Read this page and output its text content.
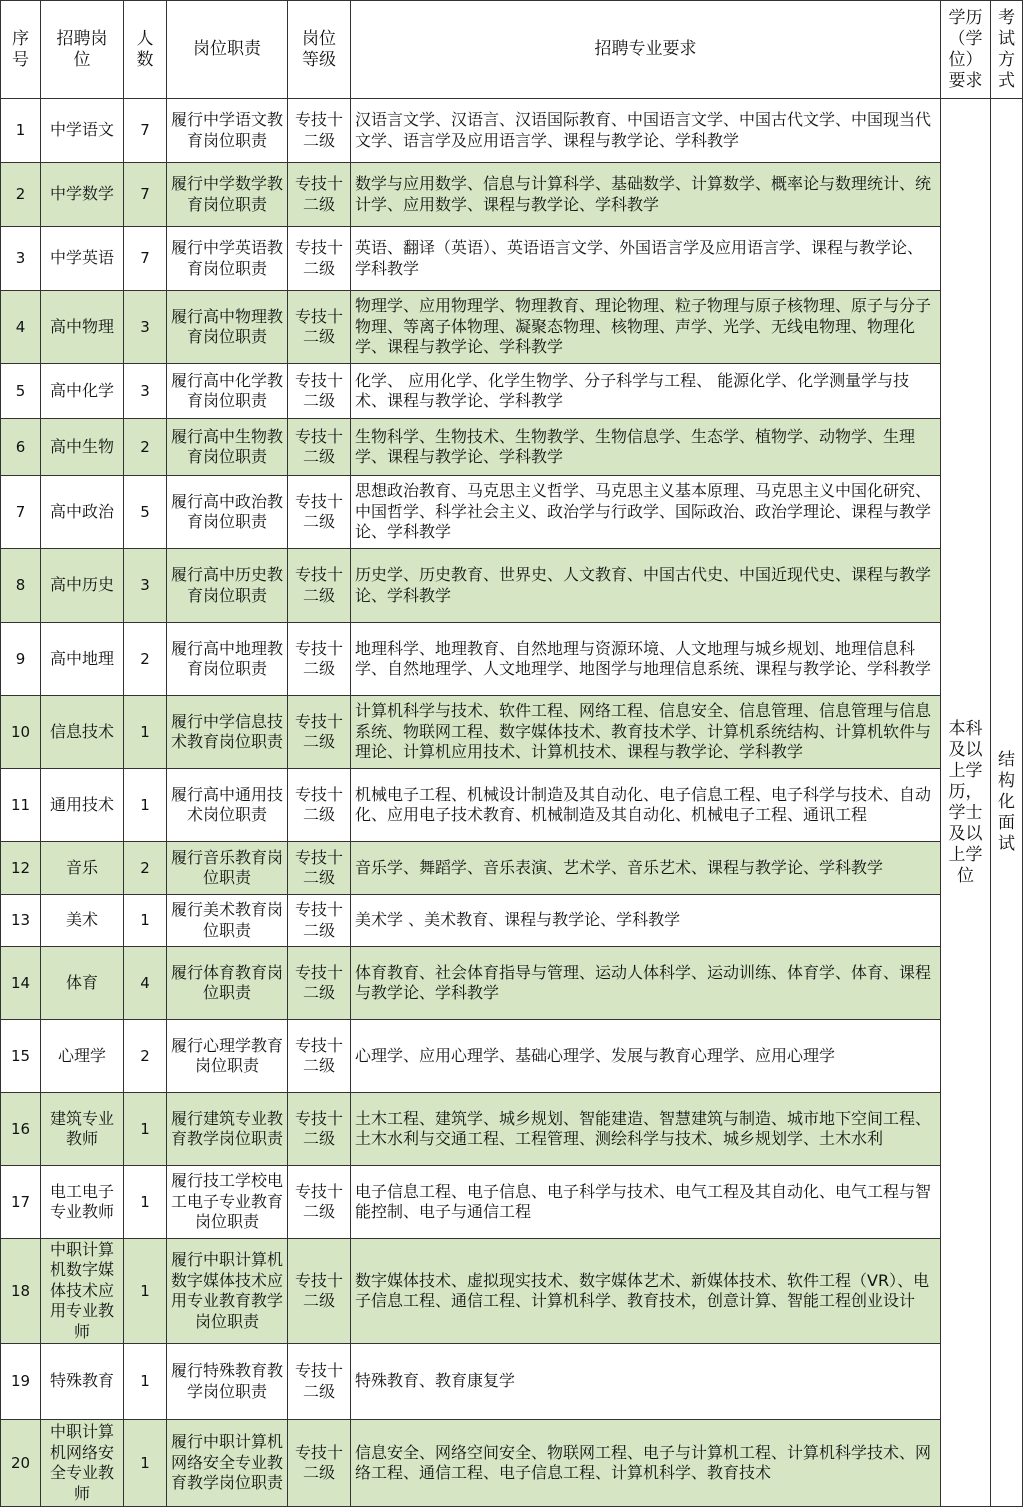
序号	招聘岗位	人数	岗位职责	岗位等级	招聘专业要求	学历（学位）要求	考试方式
1	中学语文	7	履行中学语文教育岗位职责	专技十二级	汉语言文学、汉语言、汉语国际教育、中国语言文学、中国古代文学、中国现当代文学、语言学及应用语言学、课程与教学论、学科教学	本科及以上学历，学士及以上学位	结构化面试
2	中学数学	7	履行中学数学教育岗位职责	专技十二级	数学与应用数学、信息与计算科学、基础数学、计算数学、概率论与数理统计、统计学、应用数学、课程与教学论、学科教学		

3	中学英语	7	履行中学英语教育岗位职责	专技十二级	英语、翻译（英语）、英语语言文学、外国语言学及应用语言学、课程与教学论、学科教学		

4	高中物理	3	履行高中物理教育岗位职责	专技十二级	物理学、应用物理学、物理教育、理论物理、粒子物理与原子核物理、原子与分子物理、等离子体物理、凝聚态物理、核物理、声学、光学、无线电物理、物理化学、课程与教学论、学科教学		

5	高中化学	3	履行高中化学教育岗位职责	专技十二级	化学、 应用化学、化学生物学、分子科学与工程、 能源化学、化学测量学与技术、课程与教学论、学科教学		

6	高中生物	2	履行高中生物教育岗位职责	专技十二级	生物科学、生物技术、生物教学、生物信息学、生态学、植物学、动物学、生理学、课程与教学论、学科教学		

7	高中政治	5	履行高中政治教育岗位职责	专技十二级	思想政治教育、马克思主义哲学、马克思主义基本原理、马克思主义中国化研究、中国哲学、科学社会主义、政治学与行政学、国际政治、政治学理论、课程与教学论、学科教学		

8	高中历史	3	履行高中历史教育岗位职责	专技十二级	历史学、历史教育、世界史、人文教育、中国古代史、中国近现代史、课程与教学论、学科教学		

9	高中地理	2	履行高中地理教育岗位职责	专技十二级	地理科学、地理教育、自然地理与资源环境、人文地理与城乡规划、地理信息科学、自然地理学、人文地理学、地图学与地理信息系统、课程与教学论、学科教学		

10	信息技术	1	履行中学信息技术教育岗位职责	专技十二级	计算机科学与技术、软件工程、网络工程、信息安全、信息管理、信息管理与信息系统、物联网工程、数字媒体技术、教育技术学、计算机系统结构、计算机软件与理论、计算机应用技术、计算机技术、课程与教学论、学科教学		

11	通用技术	1	履行高中通用技术岗位职责	专技十二级	机械电子工程、机械设计制造及其自动化、电子信息工程、电子科学与技术、自动化、应用电子技术教育、机械制造及其自动化、机械电子工程、通讯工程		

12	音乐	2	履行音乐教育岗位职责	专技十二级	音乐学、舞蹈学、音乐表演、艺术学、音乐艺术、课程与教学论、学科教学		

13	美术	1	履行美术教育岗位职责	专技十二级	美术学 、美术教育、课程与教学论、学科教学		

14	体育	4	履行体育教育岗位职责	专技十二级	体育教育、社会体育指导与管理、运动人体科学、运动训练、体育学、体育、课程与教学论、学科教学		

15	心理学	2	履行心理学教育岗位职责	专技十二级	心理学、应用心理学、基础心理学、发展与教育心理学、应用心理学		

16	建筑专业教师	1	履行建筑专业教育教学岗位职责	专技十二级	土木工程、建筑学、城乡规划、智能建造、智慧建筑与制造、城市地下空间工程、土木水利与交通工程、工程管理、测绘科学与技术、城乡规划学、土木水利		

17	电工电子专业教师	1	履行技工学校电工电子专业教育岗位职责	专技十二级	电子信息工程、电子信息、电子科学与技术、电气工程及其自动化、电气工程与智能控制、电子与通信工程		

18	中职计算机数字媒体技术应用专业教师	1	履行中职计算机数字媒体技术应用专业教育教学岗位职责	专技十二级	数字媒体技术、虚拟现实技术、数字媒体艺术、新媒体技术、软件工程（VR）、电子信息工程、通信工程、计算机科学、教育技术，创意计算、智能工程创业设计		

19	特殊教育	1	履行特殊教育教学岗位职责	专技十二级	特殊教育、教育康复学		

20	中职计算机网络安全专业教师	1	履行中职计算机网络安全专业教育教学岗位职责	专技十二级	信息安全、网络空间安全、物联网工程、电子与计算机工程、计算机科学技术、网络工程、通信工程、电子信息工程、计算机科学、教育技术		
